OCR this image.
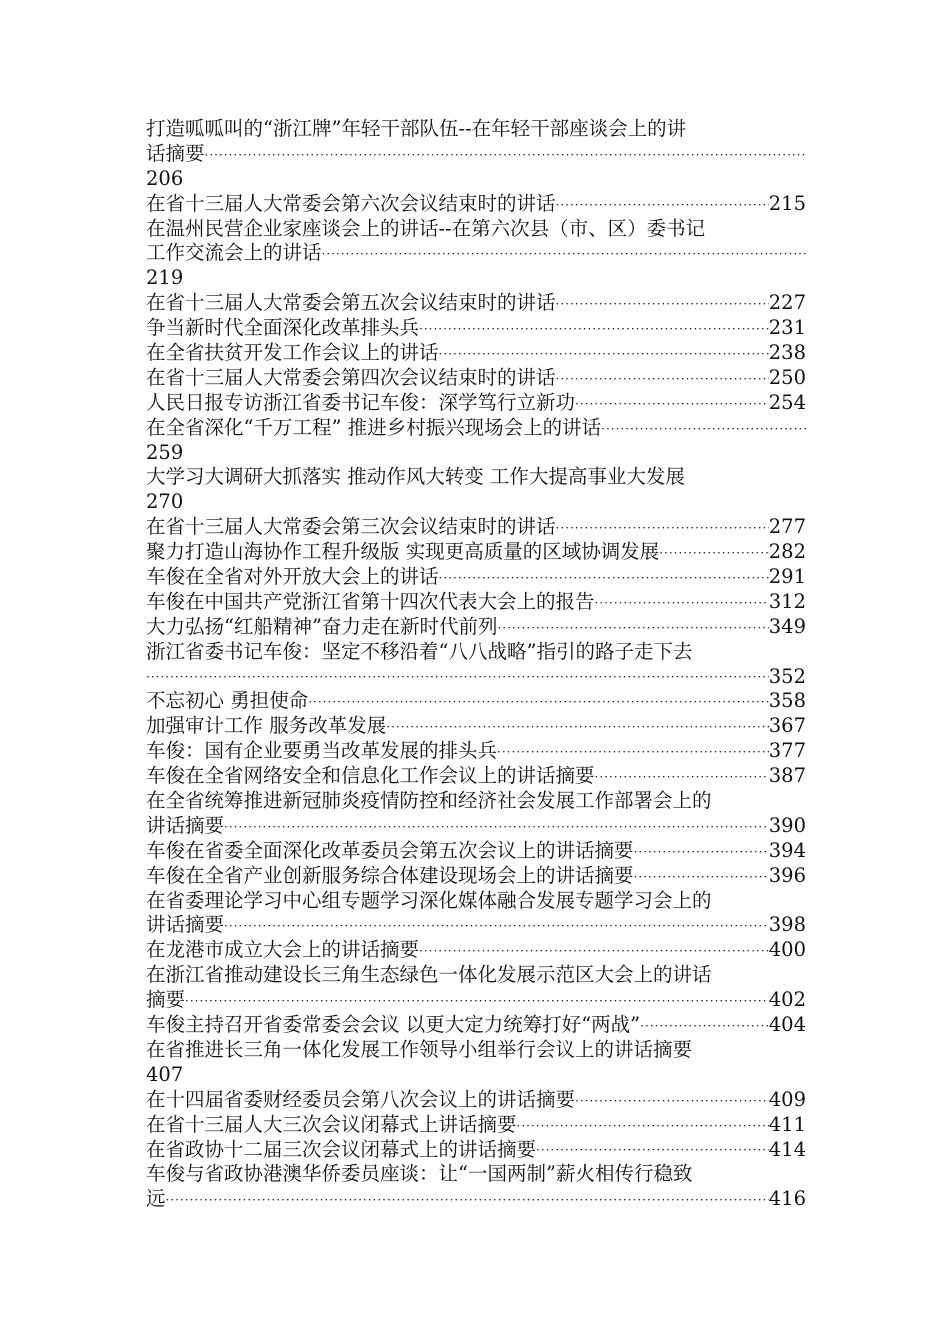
打造呱呱叫的“浙江牌”年轻干部队伍--在年轻干部座谈会上的讲
话摘要
·····
206
在省十三届人大常委会第六次会议结束时的讲话 ·····	215
在温州民营企业家座谈会上的讲话--在第六次县（市、区）委书记
工作交流会上的讲话
·····
219
在省十三届人大常委会第五次会议结束时的讲话 ·····	227
争当新时代全面深化改革排头兵 ·····	231
在全省扶贫开发工作会议上的讲话 ·····	238
在省十三届人大常委会第四次会议结束时的讲话 ·····	250
人民日报专访浙江省委书记车俊：深学笃行立新功 ·····	254
在全省深化“千万工程” 推进乡村振兴现场会上的讲话
·····
259
大学习大调研大抓落实 推动作风大转变 工作大提高事业大发展
270
在省十三届人大常委会第三次会议结束时的讲话 ·····	277
聚力打造山海协作工程升级版 实现更高质量的区域协调发展 ·····	282
车俊在全省对外开放大会上的讲话 ·····	291
车俊在中国共产党浙江省第十四次代表大会上的报告 ·····	312
大力弘扬“红船精神”奋力走在新时代前列 ·····	349
浙江省委书记车俊：坚定不移沿着“八八战略”指引的路子走下去
·····
352
不忘初心 勇担使命 ·····	358
加强审计工作 服务改革发展 ·····	367
车俊：国有企业要勇当改革发展的排头兵 ·····	377
车俊在全省网络安全和信息化工作会议上的讲话摘要 ·····	387
在全省统筹推进新冠肺炎疫情防控和经济社会发展工作部署会上的
讲话摘要 ·····	390
车俊在省委全面深化改革委员会第五次会议上的讲话摘要 ·····	394
车俊在全省产业创新服务综合体建设现场会上的讲话摘要 ·····	396
在省委理论学习中心组专题学习深化媒体融合发展专题学习会上的
讲话摘要 ·····	398
在龙港市成立大会上的讲话摘要 ·····	400
在浙江省推动建设长三角生态绿色一体化发展示范区大会上的讲话
摘要 ·····	402
车俊主持召开省委常委会会议 以更大定力统筹打好“两战” ·····	404
在省推进长三角一体化发展工作领导小组举行会议上的讲话摘要
407
在十四届省委财经委员会第八次会议上的讲话摘要 ·····	409
在省十三届人大三次会议闭幕式上讲话摘要 ·····	411
在省政协十二届三次会议闭幕式上的讲话摘要 ·····	414
车俊与省政协港澳华侨委员座谈：让“一国两制”薪火相传行稳致
远 ·····	416
